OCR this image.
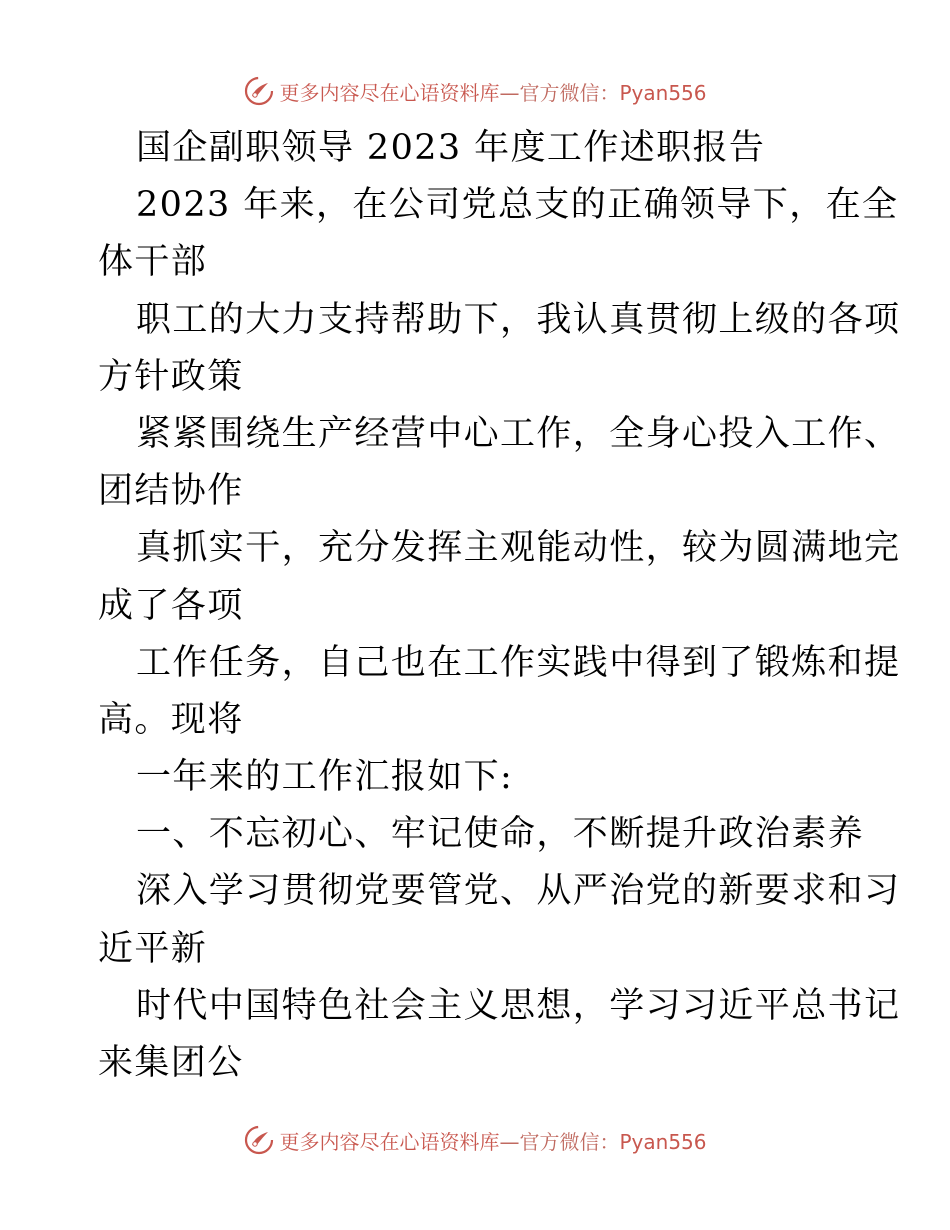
更多内容尽在心语资料库—官方微信：Pyan556
国企副职领导 2023 年度工作述职报告
2023 年来，在公司党总支的正确领导下，在全
体干部
职工的大力支持帮助下，我认真贯彻上级的各项
方针政策
紧紧围绕生产经营中心工作，全身心投入工作、
团结协作
真抓实干，充分发挥主观能动性，较为圆满地完
成了各项
工作任务，自己也在工作实践中得到了锻炼和提
高。现将
一年来的工作汇报如下:
一、不忘初心、牢记使命，不断提升政治素养
深入学习贯彻党要管党、从严治党的新要求和习
近平新
时代中国特色社会主义思想，学习习近平总书记
来集团公
更多内容尽在心语资料库—官方微信：Pyan556
